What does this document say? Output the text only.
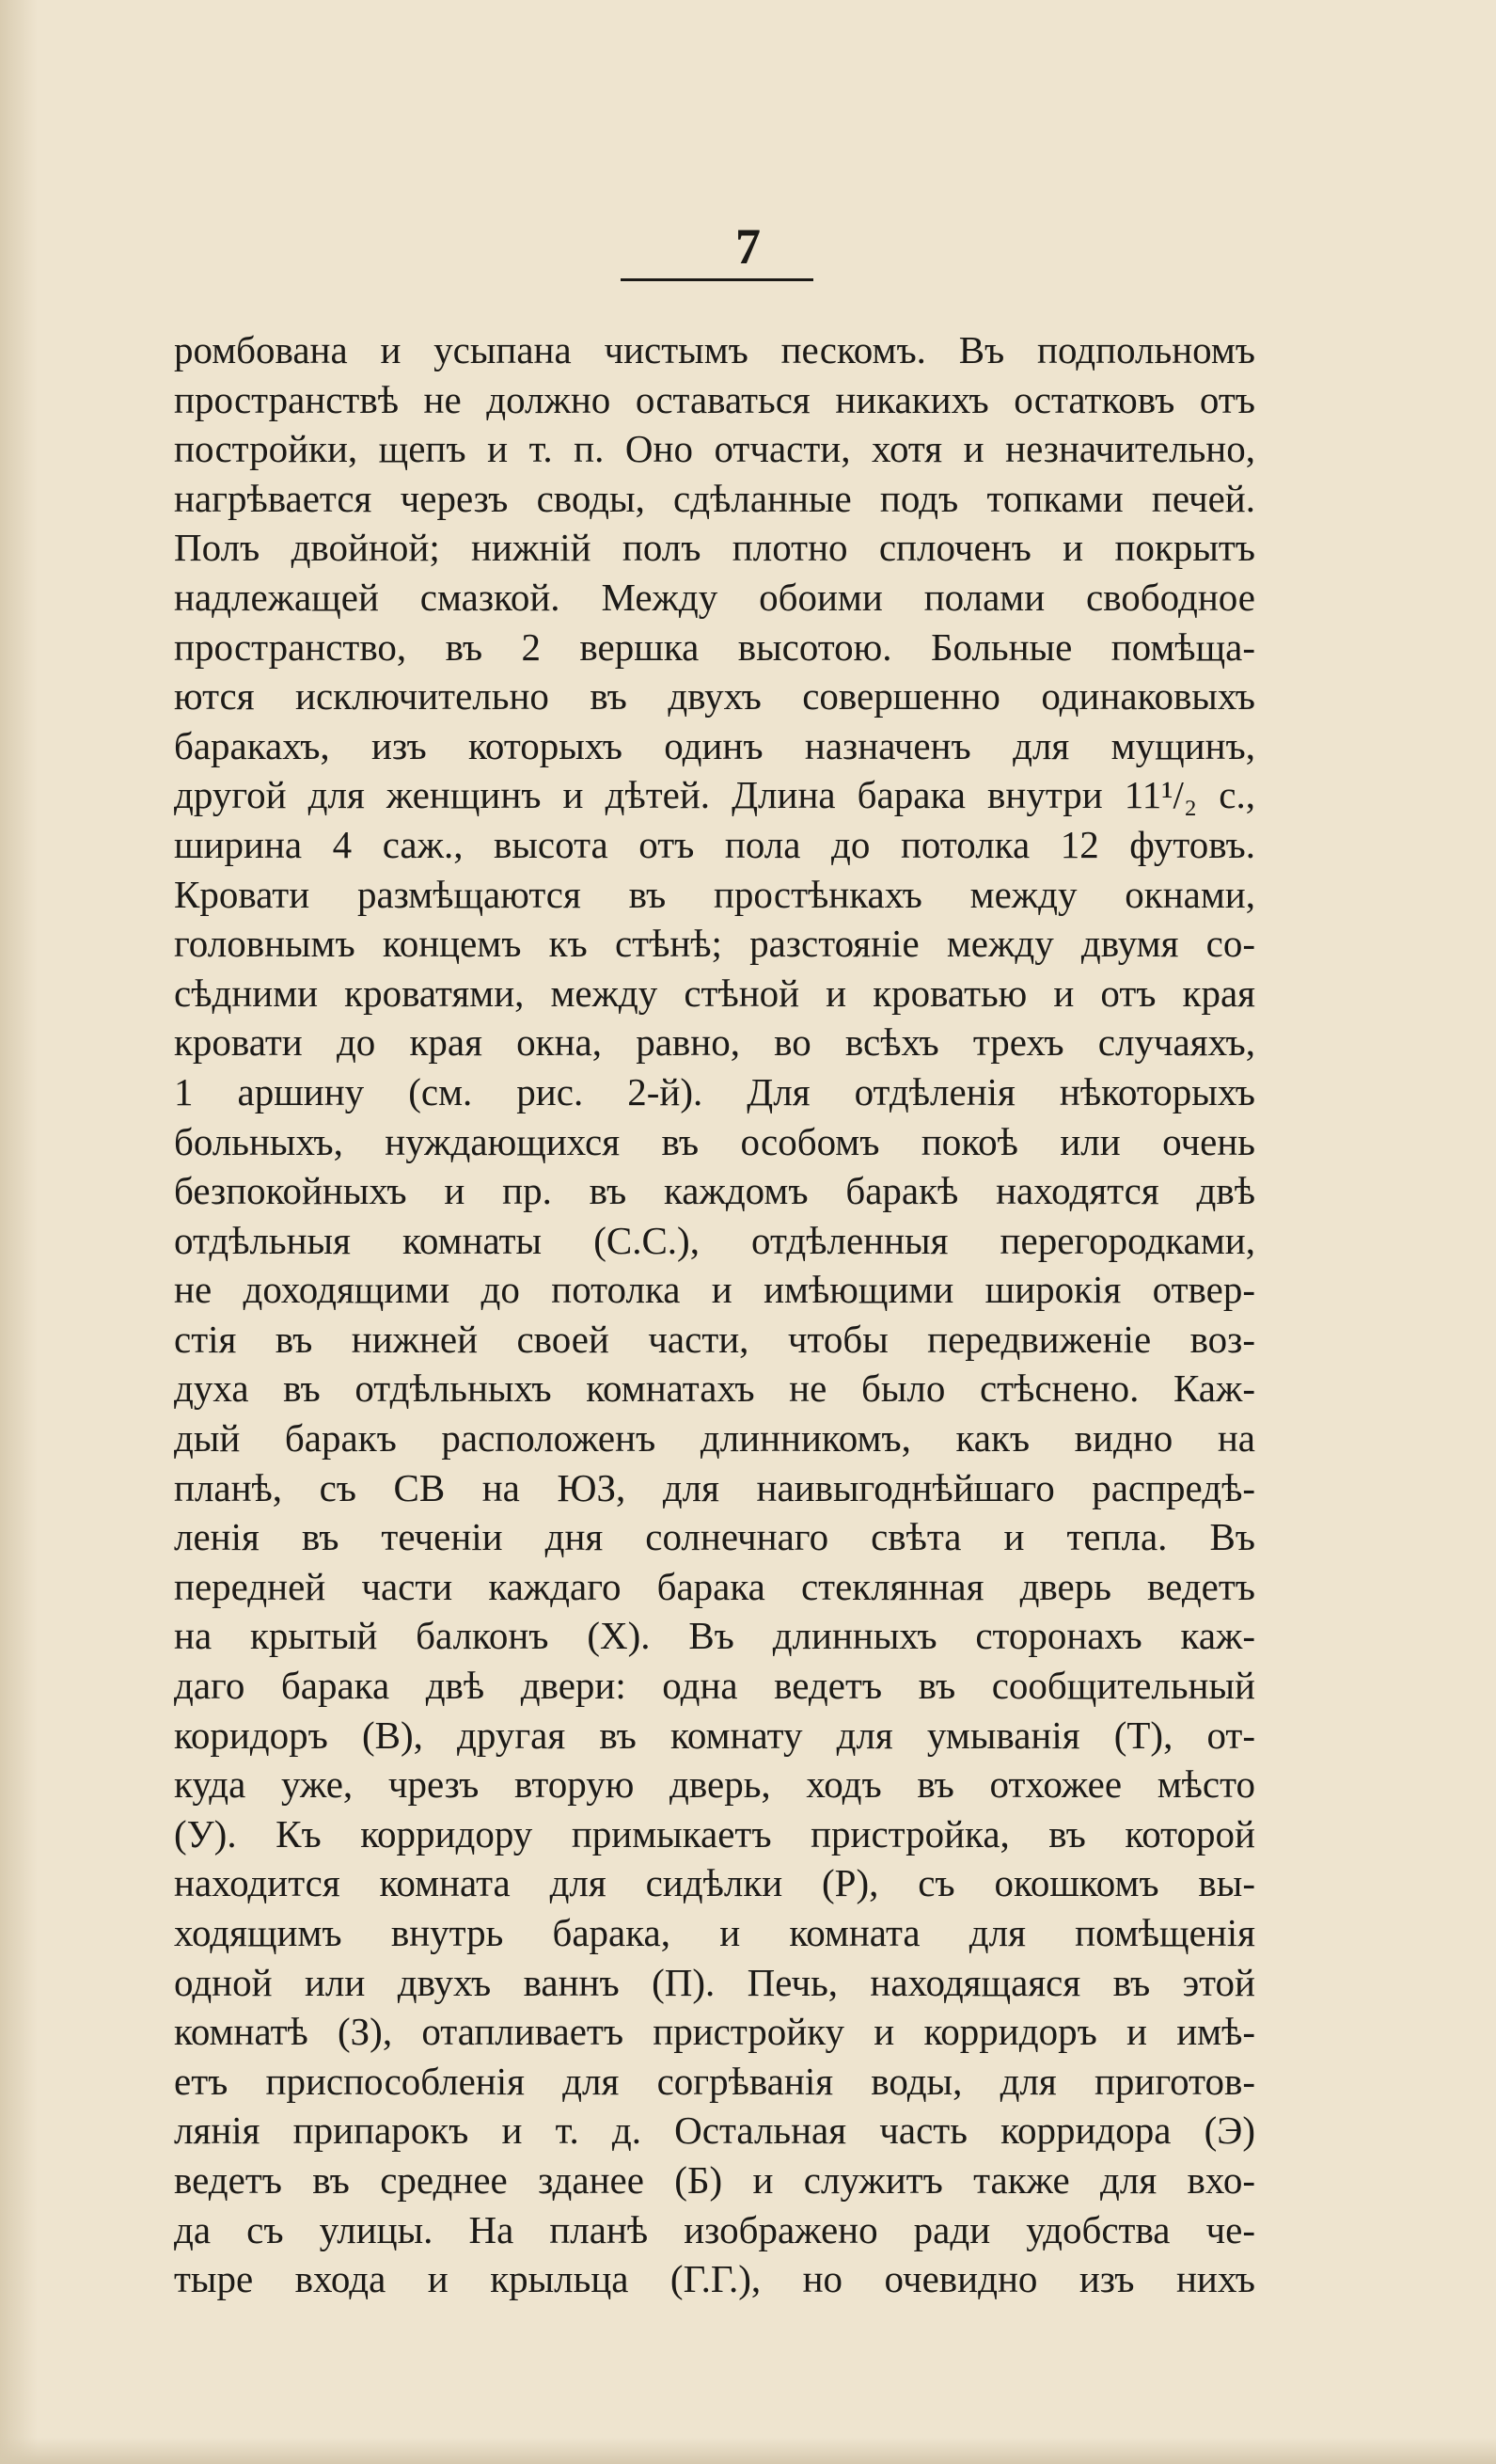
7
ромбована и усыпана чистымъ пескомъ. Въ подпольномъ
пространствѣ не должно оставаться никакихъ остатковъ отъ
постройки, щепъ и т. п. Оно отчасти, хотя и незначительно,
нагрѣвается черезъ своды, сдѣланные подъ топками печей.
Полъ двойной; нижнiй полъ плотно сплоченъ и покрытъ
надлежащей смазкой. Между обоими полами свободное
пространство, въ 2 вершка высотою. Больные помѣща-
ются исключительно въ двухъ совершенно одинаковыхъ
баракахъ, изъ которыхъ одинъ назначенъ для мущинъ,
другой для женщинъ и дѣтей. Длина барака внутри 11¹/₂ с.,
ширина 4 саж., высота отъ пола до потолка 12 футовъ.
Кровати размѣщаются въ простѣнкахъ между окнами,
головнымъ концемъ къ стѣнѣ; разстоянiе между двумя со-
сѣдними кроватями, между стѣной и кроватью и отъ края
кровати до края окна, равно, во всѣхъ трехъ случаяхъ,
1 аршину (см. рис. 2-й). Для отдѣленiя нѣкоторыхъ
больныхъ, нуждающихся въ особомъ покоѣ или очень
безпокойныхъ и пр. въ каждомъ баракѣ находятся двѣ
отдѣльныя комнаты (С.С.), отдѣленныя перегородками,
не доходящими до потолка и имѣющими широкiя отвер-
стiя въ нижней своей части, чтобы передвиженiе воз-
духа въ отдѣльныхъ комнатахъ не было стѣснено. Каж-
дый баракъ расположенъ длинникомъ, какъ видно на
планѣ, съ СВ на ЮЗ, для наивыгоднѣйшаго распредѣ-
ленiя въ теченiи дня солнечнаго свѣта и тепла. Въ
передней части каждаго барака стеклянная дверь ведетъ
на крытый балконъ (Х). Въ длинныхъ сторонахъ каж-
даго барака двѣ двери: одна ведетъ въ сообщительный
коридоръ (В), другая въ комнату для умыванiя (Т), от-
куда уже, чрезъ вторую дверь, ходъ въ отхожее мѣсто
(У). Къ корридору примыкаетъ пристройка, въ которой
находится комната для сидѣлки (Р), съ окошкомъ вы-
ходящимъ внутрь барака, и комната для помѣщенiя
одной или двухъ ваннъ (П). Печь, находящаяся въ этой
комнатѣ (З), отапливаетъ пристройку и корридоръ и имѣ-
етъ приспособленiя для согрѣванiя воды, для приготов-
лянiя припарокъ и т. д. Остальная часть корридора (Э)
ведетъ въ среднее зданее (Б) и служитъ также для вхо-
да съ улицы. На планѣ изображено ради удобства че-
тыре входа и крыльца (Г.Г.), но очевидно изъ нихъ
